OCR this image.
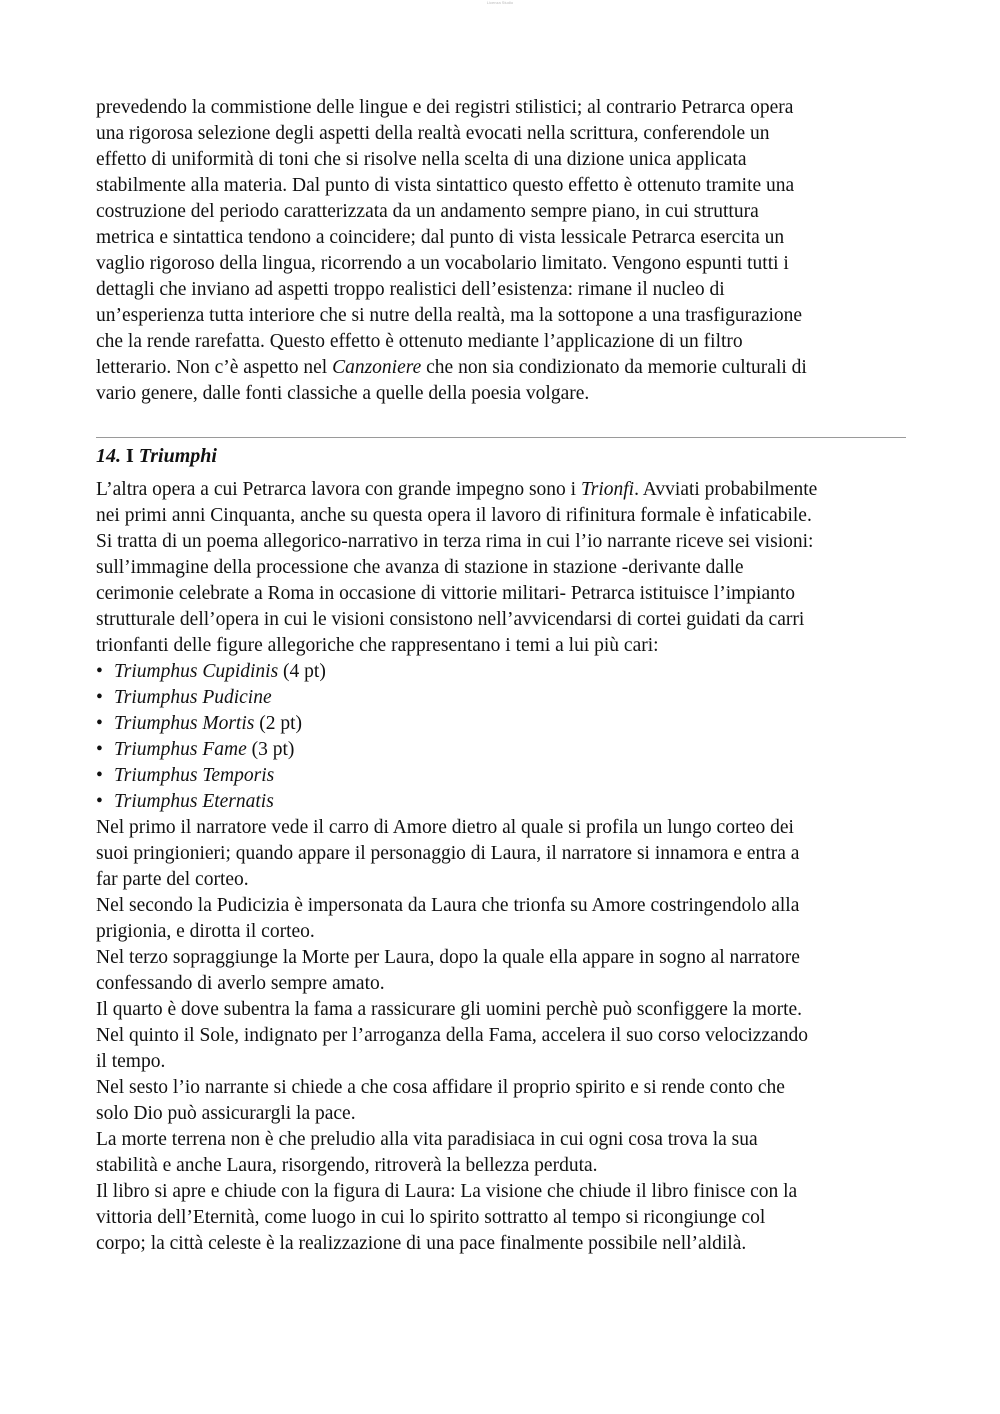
Licenza Studio

prevedendo la commistione delle lingue e dei registri stilistici; al contrario Petrarca opera

una rigorosa selezione degli aspetti della realtà evocati nella scrittura, conferendole un

effetto di uniformità di toni che si risolve nella scelta di una dizione unica applicata

stabilmente alla materia. Dal punto di vista sintattico questo effetto è ottenuto tramite una

costruzione del periodo caratterizzata da un andamento sempre piano, in cui struttura

metrica e sintattica tendono a coincidere; dal punto di vista lessicale Petrarca esercita un

vaglio rigoroso della lingua, ricorrendo a un vocabolario limitato. Vengono espunti tutti i

dettagli che inviano ad aspetti troppo realistici dell’esistenza: rimane il nucleo di

un’esperienza tutta interiore che si nutre della realtà, ma la sottopone a una trasfigurazione

che la rende rarefatta. Questo effetto è ottenuto mediante l’applicazione di un filtro

letterario. Non c’è aspetto nel Canzoniere che non sia condizionato da memorie culturali di

vario genere, dalle fonti classiche a quelle della poesia volgare.

14. I Triumphi

L’altra opera a cui Petrarca lavora con grande impegno sono i Trionfi. Avviati probabilmente

nei primi anni Cinquanta, anche su questa opera il lavoro di rifinitura formale è infaticabile.

Si tratta di un poema allegorico-narrativo in terza rima in cui l’io narrante riceve sei visioni:

sull’immagine della processione che avanza di stazione in stazione -derivante dalle

cerimonie celebrate a Roma in occasione di vittorie militari- Petrarca istituisce l’impianto

strutturale dell’opera in cui le visioni consistono nell’avvicendarsi di cortei guidati da carri

trionfanti delle figure allegoriche che rappresentano i temi a lui più cari:

• Triumphus Cupidinis (4 pt)
• Triumphus Pudicine
• Triumphus Mortis (2 pt)
• Triumphus Fame (3 pt)
• Triumphus Temporis
• Triumphus Eternatis

Nel primo il narratore vede il carro di Amore dietro al quale si profila un lungo corteo dei

suoi pringionieri; quando appare il personaggio di Laura, il narratore si innamora e entra a

far parte del corteo.

Nel secondo la Pudicizia è impersonata da Laura che trionfa su Amore costringendolo alla

prigionia, e dirotta il corteo.

Nel terzo sopraggiunge la Morte per Laura, dopo la quale ella appare in sogno al narratore

confessando di averlo sempre amato.

Il quarto è dove subentra la fama a rassicurare gli uomini perchè può sconfiggere la morte.

Nel quinto il Sole, indignato per l’arroganza della Fama, accelera il suo corso velocizzando

il tempo.

Nel sesto l’io narrante si chiede a che cosa affidare il proprio spirito e si rende conto che

solo Dio può assicurargli la pace.

La morte terrena non è che preludio alla vita paradisiaca in cui ogni cosa trova la sua

stabilità e anche Laura, risorgendo, ritroverà la bellezza perduta.

Il libro si apre e chiude con la figura di Laura: La visione che chiude il libro finisce con la

vittoria dell’Eternità, come luogo in cui lo spirito sottratto al tempo si ricongiunge col

corpo; la città celeste è la realizzazione di una pace finalmente possibile nell’aldilà.
